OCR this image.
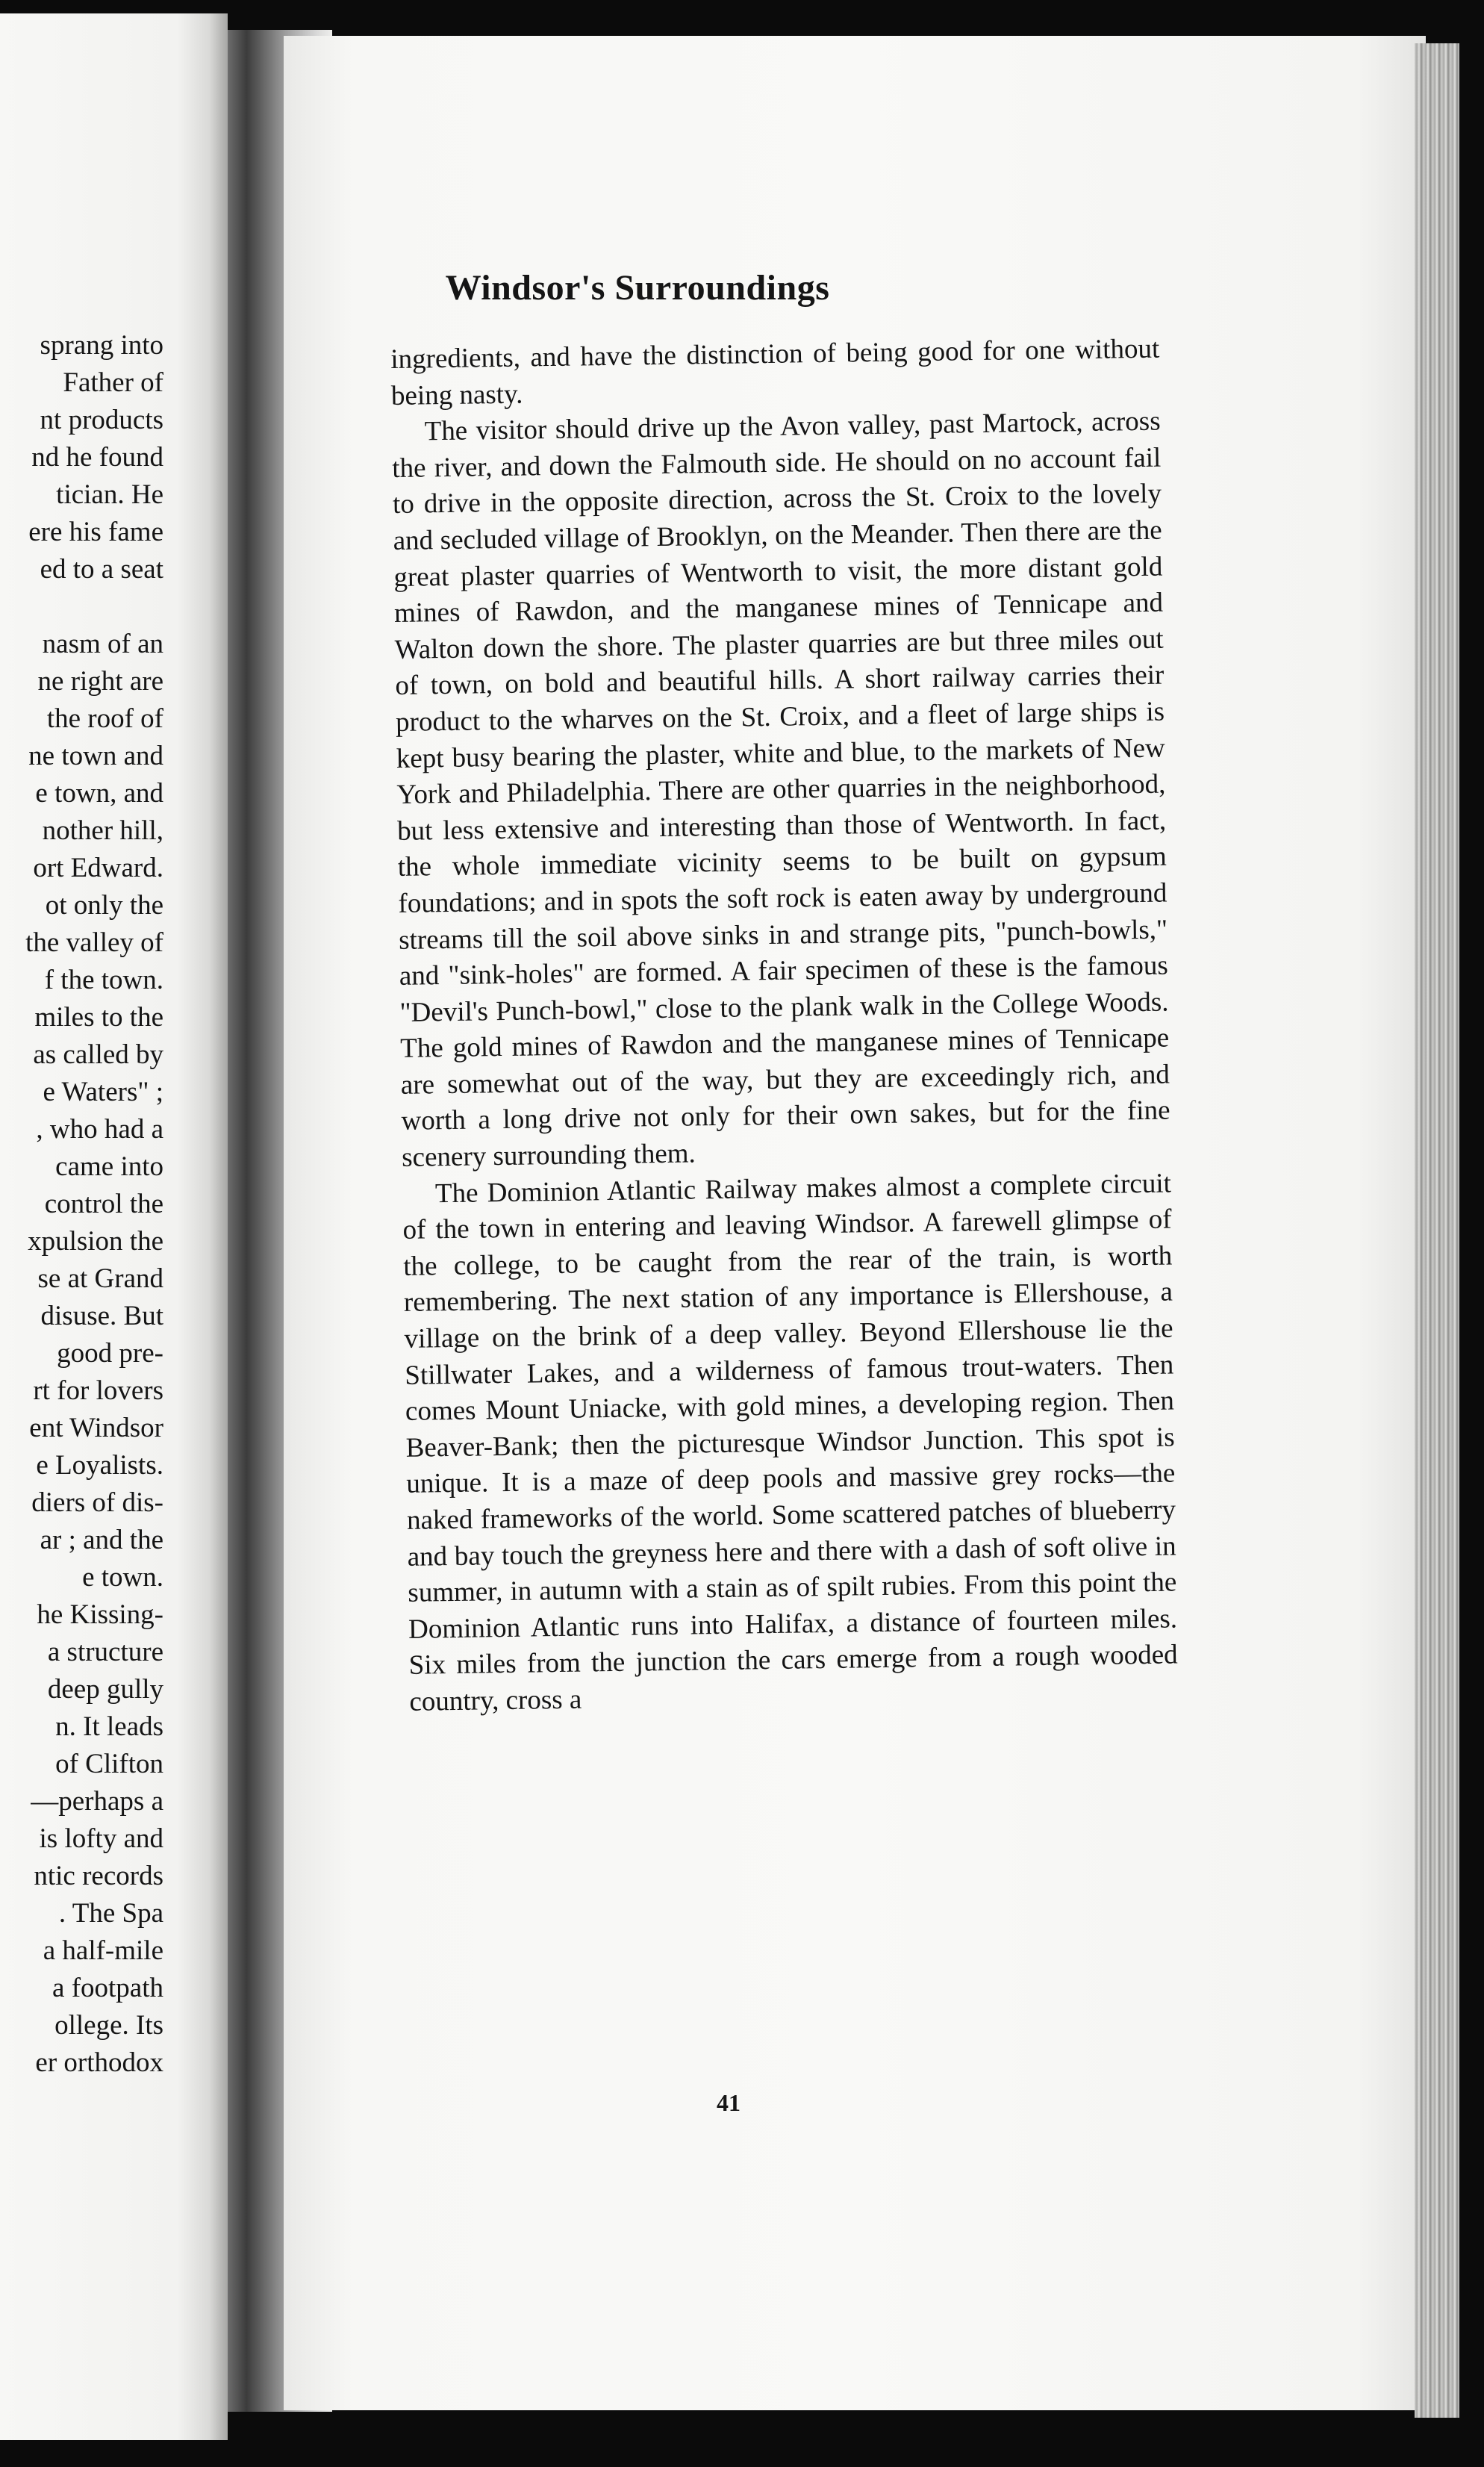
sprang into
Father of
nt products
nd he found
tician. He
ere his fame
ed to a seat
nasm of an
ne right are
the roof of
ne town and
e town, and
nother hill,
ort Edward.
ot only the
the valley of
f the town.
miles to the
as called by
e Waters" ;
, who had a
came into
control the
xpulsion the
se at Grand
disuse. But
good pre-
rt for lovers
ent Windsor
e Loyalists.
diers of dis-
ar ; and the
e town.
he Kissing-
a structure
deep gully
n. It leads
of Clifton
—perhaps a
is lofty and
ntic records
. The Spa
a half-mile
a footpath
ollege. Its
er orthodox
Windsor's Surroundings

ingredients, and have the distinction of being good for one without being nasty.

The visitor should drive up the Avon valley, past Martock, across the river, and down the Falmouth side. He should on no account fail to drive in the opposite direction, across the St. Croix to the lovely and secluded village of Brooklyn, on the Meander. Then there are the great plaster quarries of Wentworth to visit, the more distant gold mines of Rawdon, and the manganese mines of Tennicape and Walton down the shore. The plaster quarries are but three miles out of town, on bold and beautiful hills. A short railway carries their product to the wharves on the St. Croix, and a fleet of large ships is kept busy bearing the plaster, white and blue, to the markets of New York and Philadelphia. There are other quarries in the neighborhood, but less extensive and interesting than those of Wentworth. In fact, the whole immediate vicinity seems to be built on gypsum foundations; and in spots the soft rock is eaten away by underground streams till the soil above sinks in and strange pits, "punch-bowls," and "sink-holes" are formed. A fair specimen of these is the famous "Devil's Punch-bowl," close to the plank walk in the College Woods. The gold mines of Rawdon and the manganese mines of Tennicape are somewhat out of the way, but they are exceedingly rich, and worth a long drive not only for their own sakes, but for the fine scenery surrounding them.

The Dominion Atlantic Railway makes almost a complete circuit of the town in entering and leaving Windsor. A farewell glimpse of the college, to be caught from the rear of the train, is worth remembering. The next station of any importance is Ellershouse, a village on the brink of a deep valley. Beyond Ellershouse lie the Stillwater Lakes, and a wilderness of famous trout-waters. Then comes Mount Uniacke, with gold mines, a developing region. Then Beaver-Bank; then the picturesque Windsor Junction. This spot is unique. It is a maze of deep pools and massive grey rocks—the naked frameworks of the world. Some scattered patches of blueberry and bay touch the greyness here and there with a dash of soft olive in summer, in autumn with a stain as of spilt rubies. From this point the Dominion Atlantic runs into Halifax, a distance of fourteen miles. Six miles from the junction the cars emerge from a rough wooded country, cross a

41
